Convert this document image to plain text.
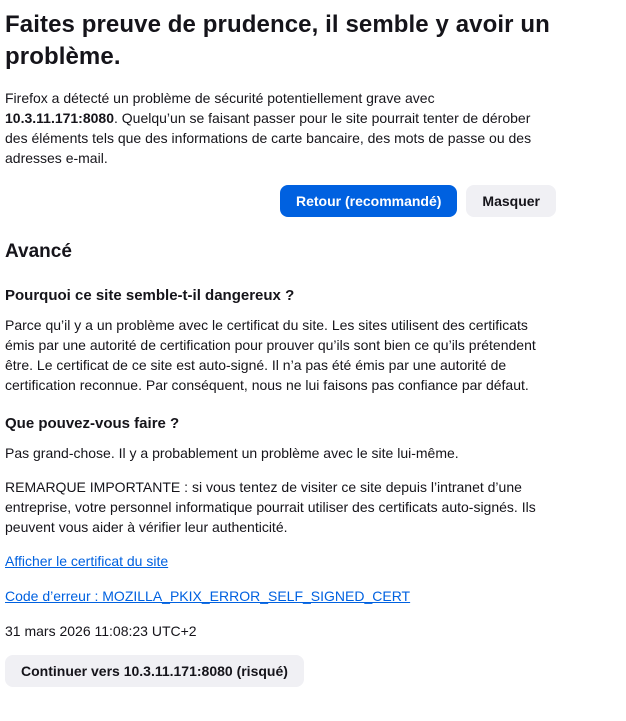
Faites preuve de prudence, il semble y avoir un problème.

Firefox a détecté un problème de sécurité potentiellement grave avec 10.3.11.171:8080. Quelqu’un se faisant passer pour le site pourrait tenter de dérober des éléments tels que des informations de carte bancaire, des mots de passe ou des adresses e-mail.

Retour (recommandé)	Masquer
Avancé
Pourquoi ce site semble-t-il dangereux ?

Parce qu’il y a un problème avec le certificat du site. Les sites utilisent des certificats émis par une autorité de certification pour prouver qu’ils sont bien ce qu’ils prétendent être. Le certificat de ce site est auto-signé. Il n’a pas été émis par une autorité de certification reconnue. Par conséquent, nous ne lui faisons pas confiance par défaut.

Que pouvez-vous faire ?

Pas grand-chose. Il y a probablement un problème avec le site lui-même.

REMARQUE IMPORTANTE : si vous tentez de visiter ce site depuis l’intranet d’une entreprise, votre personnel informatique pourrait utiliser des certificats auto-signés. Ils peuvent vous aider à vérifier leur authenticité.

Afficher le certificat du site
Code d’erreur : MOZILLA_PKIX_ERROR_SELF_SIGNED_CERT
31 mars 2026 11:08:23 UTC+2
Continuer vers 10.3.11.171:8080 (risqué)
